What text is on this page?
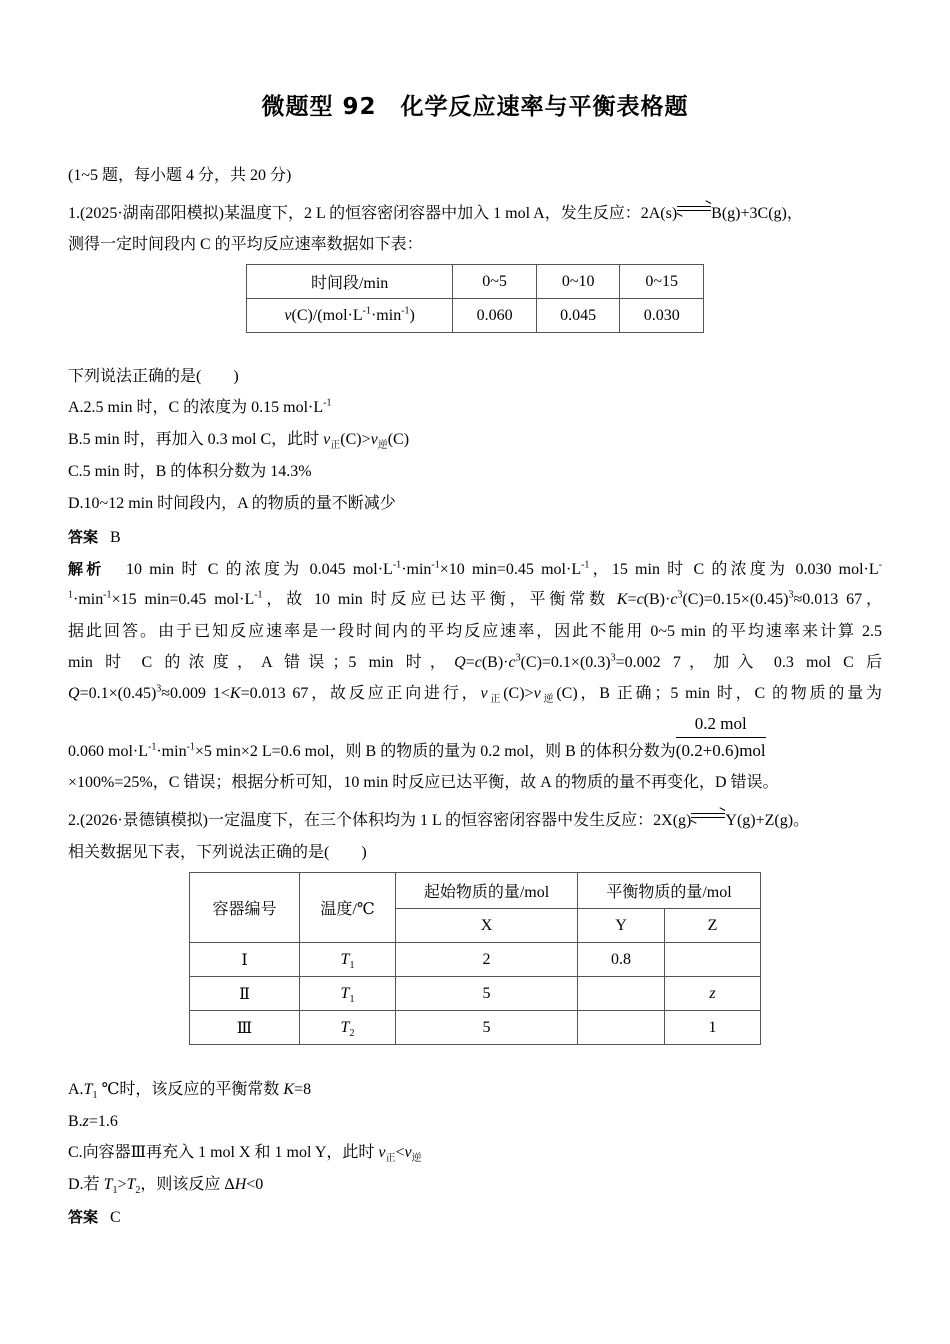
微题型 92　化学反应速率与平衡表格题
(1~5 题，每小题 4 分，共 20 分)
1.(2025·湖南邵阳模拟)某温度下，2 L 的恒容密闭容器中加入 1 mol A，发生反应：2A(s) B(g)+3C(g)，
测得一定时间段内 C 的平均反应速率数据如下表：
时间段/min	0~5	0~10	0~15
$v(C)/(mol\cdot L^{-1}\cdot\min^{-1})$	0.060	0.045	0.030
下列说法正确的是(　　)
A.2.5 min 时，C 的浓度为 0.15 $mol\cdot L^{-1}$
B.5 min 时，再加入 0.3 mol C，此时 $v_正(C)>v_逆(C)$
C.5 min 时，B 的体积分数为 14.3%
D.10~12 min 时间段内，A 的物质的量不断减少
答案 B
解析   10 min 时 C 的浓度为 0.045 $mol\cdot L^{-1}\cdot\min^{-1}\times 10$ min=0.45 $mol\cdot L^{-1}$，15 min 时 C 的浓度为 0.030 mol·L-
$^1\cdot\min^{-1}\times 15$ min=0.45 $mol\cdot L^{-1}$，故 10 min 时反应已达平衡，平衡常数 $K=c(B)\cdot c^3(C)=0.15\times(0.45)^3\approx 0.013$ 67，
据此回答。由于已知反应速率是一段时间内的平均反应速率，因此不能用 0~5 min 的平均速率来计算 2.5
min 时 C 的浓度，A 错误；5 min 时，$Q=c(B)\cdot c^3(C)=0.1\times(0.3)^3=0.002$ 7，加入 0.3 mol C 后
$Q=0.1\times(0.45)^3\approx 0.009$ 1<K=0.013 67，故反应正向进行，$v_正(C)>v_逆(C)$，B 正确；5 min 时，C 的物质的量为
0.060 $mol\cdot L^{-1}\cdot\min^{-1}\times 5$ min×2 L=0.6 mol，则 B 的物质的量为 0.2 mol，则 B 的体积分数为 $\frac{\text{0.2 mol}}{\text{(0.2+0.6)mol}}$
×100%=25%，C 错误；根据分析可知，10 min 时反应已达平衡，故 A 的物质的量不再变化，D 错误。
2.(2026·景德镇模拟)一定温度下，在三个体积均为 1 L 的恒容密闭容器中发生反应：2X(g) Y(g)+Z(g)。
相关数据见下表，下列说法正确的是(　　)
容器编号	温度/℃	起始物质的量/mol	平衡物质的量/mol	
		X	Y	Z
Ⅰ	$T_1$	2	0.8	
Ⅱ	$T_1$	5		z
Ⅲ	$T_2$	5		1
$A.T_1$ ℃时，该反应的平衡常数 K=8
B.z=1.6
C.向容器Ⅲ再充入 1 mol X 和 1 mol Y，此时 $v_正<v_逆$
D.若 $T_1>T_2$，则该反应 ΔH<0
答案 C
